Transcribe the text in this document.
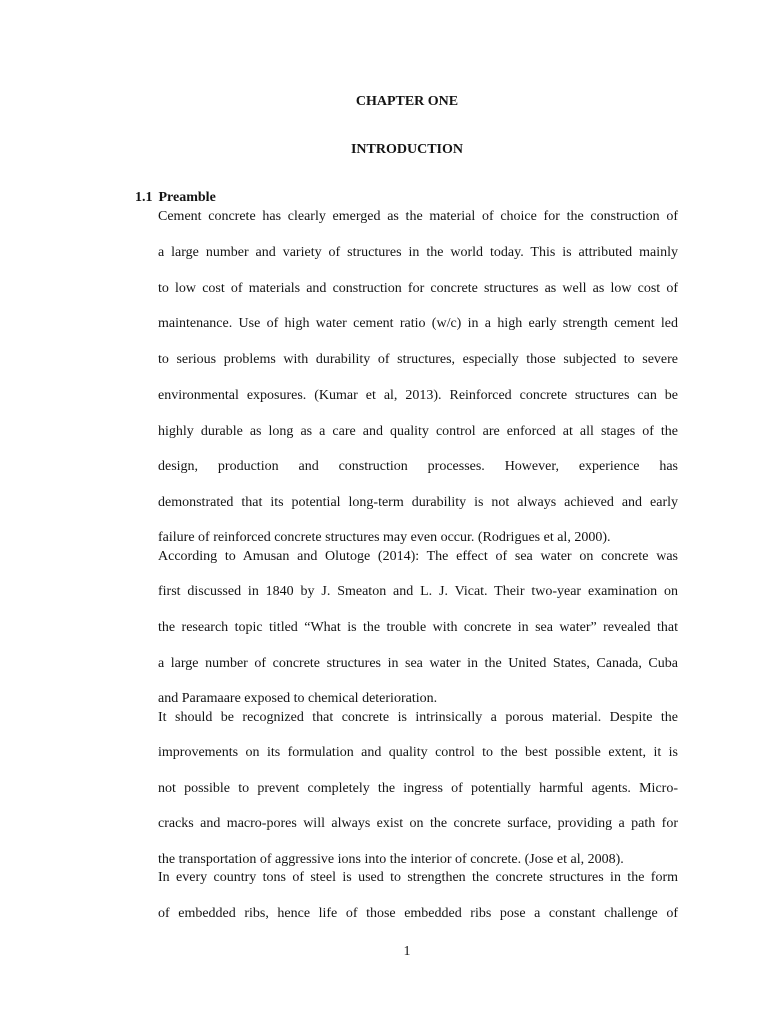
CHAPTER ONE
INTRODUCTION
1.1 Preamble
Cement concrete has clearly emerged as the material of choice for the construction of
a large number and variety of structures in the world today. This is attributed mainly
to low cost of materials and construction for concrete structures as well as low cost of
maintenance. Use of high water cement ratio (w/c) in a high early strength cement led
to serious problems with durability of structures, especially those subjected to severe
environmental exposures. (Kumar et al, 2013). Reinforced concrete structures can be
highly durable as long as a care and quality control are enforced at all stages of the
design, production and construction processes. However, experience has
demonstrated that its potential long-term durability is not always achieved and early
failure of reinforced concrete structures may even occur. (Rodrigues et al, 2000).
According to Amusan and Olutoge (2014): The effect of sea water on concrete was
first discussed in 1840 by J. Smeaton and L. J. Vicat. Their two-year examination on
the research topic titled “What is the trouble with concrete in sea water” revealed that
a large number of concrete structures in sea water in the United States, Canada, Cuba
and Paramaare exposed to chemical deterioration.
It should be recognized that concrete is intrinsically a porous material. Despite the
improvements on its formulation and quality control to the best possible extent, it is
not possible to prevent completely the ingress of potentially harmful agents. Micro-
cracks and macro-pores will always exist on the concrete surface, providing a path for
the transportation of aggressive ions into the interior of concrete. (Jose et al, 2008).
In every country tons of steel is used to strengthen the concrete structures in the form
of embedded ribs, hence life of those embedded ribs pose a constant challenge of
1
